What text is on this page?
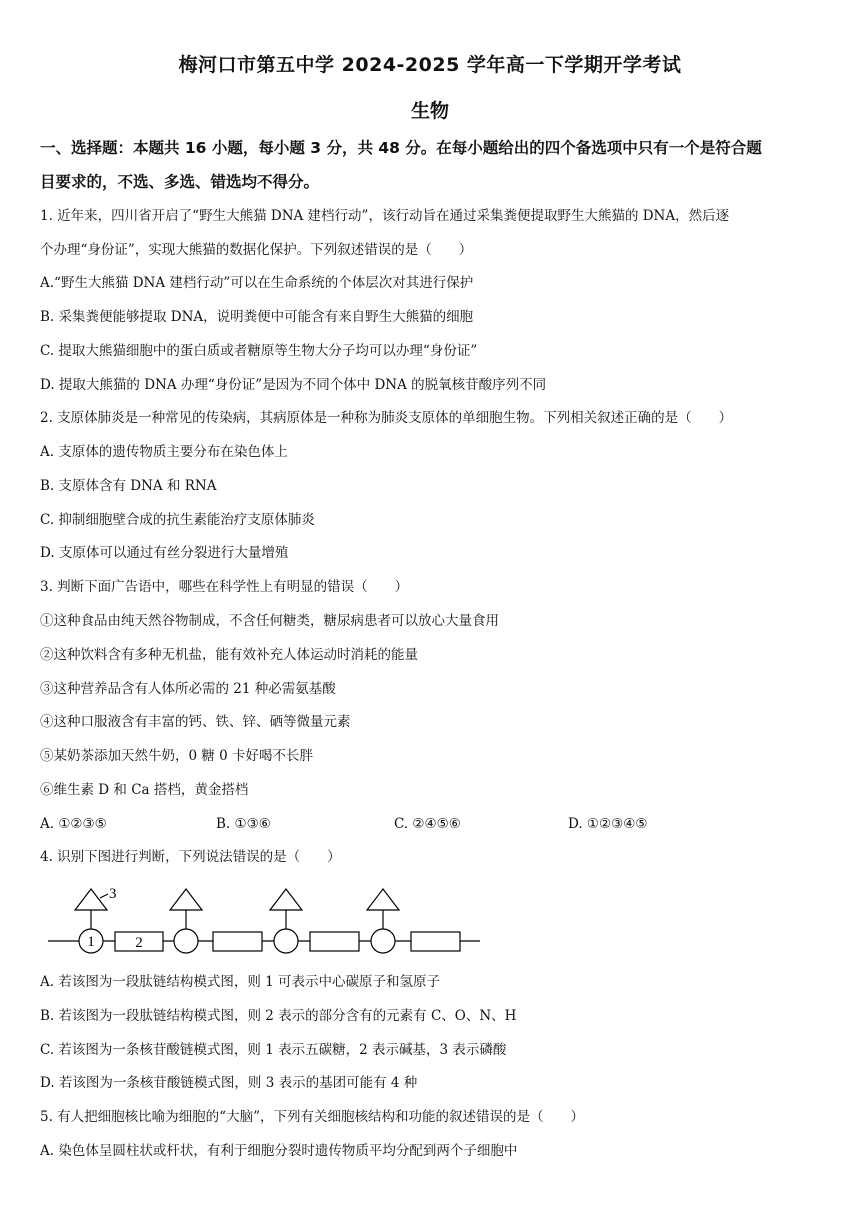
梅河口市第五中学 2024-2025 学年高一下学期开学考试
生物
一、选择题：本题共 16 小题，每小题 3 分，共 48 分。在每小题给出的四个备选项中只有一个是符合题
目要求的，不选、多选、错选均不得分。
1. 近年来，四川省开启了“野生大熊猫 DNA 建档行动”，该行动旨在通过采集粪便提取野生大熊猫的 DNA，然后逐
个办理“身份证”，实现大熊猫的数据化保护。下列叙述错误的是（　　）
A.“野生大熊猫 DNA 建档行动”可以在生命系统的个体层次对其进行保护
B. 采集粪便能够提取 DNA，说明粪便中可能含有来自野生大熊猫的细胞
C. 提取大熊猫细胞中的蛋白质或者糖原等生物大分子均可以办理“身份证”
D. 提取大熊猫的 DNA 办理“身份证”是因为不同个体中 DNA 的脱氧核苷酸序列不同
2. 支原体肺炎是一种常见的传染病，其病原体是一种称为肺炎支原体的单细胞生物。下列相关叙述正确的是（　　）
A. 支原体的遗传物质主要分布在染色体上
B. 支原体含有 DNA 和 RNA
C. 抑制细胞壁合成的抗生素能治疗支原体肺炎
D. 支原体可以通过有丝分裂进行大量增殖
3. 判断下面广告语中，哪些在科学性上有明显的错误（　　）
①这种食品由纯天然谷物制成，不含任何糖类，糖尿病患者可以放心大量食用
②这种饮料含有多种无机盐，能有效补充人体运动时消耗的能量
③这种营养品含有人体所必需的 21 种必需氨基酸
④这种口服液含有丰富的钙、铁、锌、硒等微量元素
⑤某奶茶添加天然牛奶，0 糖 0 卡好喝不长胖
⑥维生素 D 和 Ca 搭档，黄金搭档
A. ①②③⑤	B. ①③⑥	C. ②④⑤⑥	D. ①②③④⑤
4. 识别下图进行判断，下列说法错误的是（　　）
1	2
3
A. 若该图为一段肽链结构模式图，则 1 可表示中心碳原子和氢原子
B. 若该图为一段肽链结构模式图，则 2 表示的部分含有的元素有 C、O、N、H
C. 若该图为一条核苷酸链模式图，则 1 表示五碳糖，2 表示碱基，3 表示磷酸
D. 若该图为一条核苷酸链模式图，则 3 表示的基团可能有 4 种
5. 有人把细胞核比喻为细胞的“大脑”，下列有关细胞核结构和功能的叙述错误的是（　　）
A. 染色体呈圆柱状或杆状，有利于细胞分裂时遗传物质平均分配到两个子细胞中
